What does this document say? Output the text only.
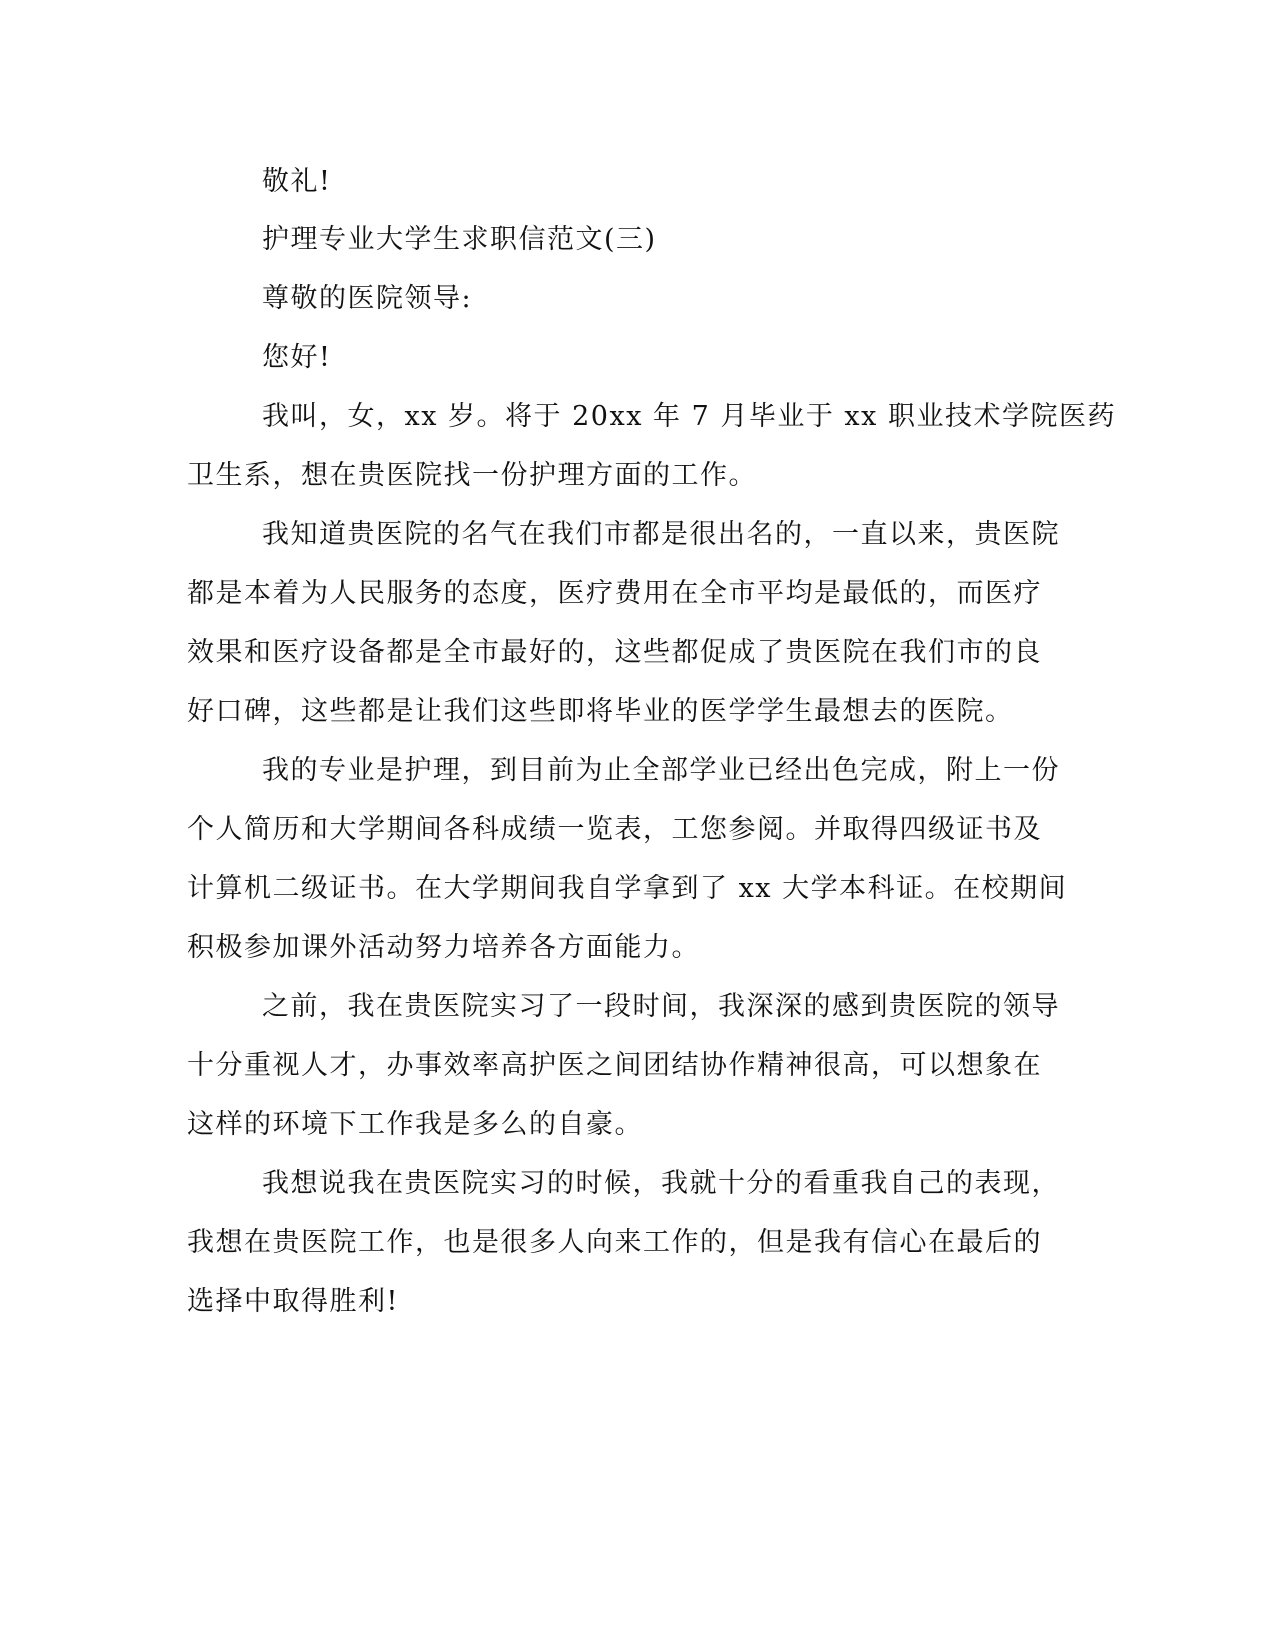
敬礼!
护理专业大学生求职信范文(三)
尊敬的医院领导:
您好!
我叫，女，xx 岁。将于 20xx 年 7 月毕业于 xx 职业技术学院医药
卫生系，想在贵医院找一份护理方面的工作。
我知道贵医院的名气在我们市都是很出名的，一直以来，贵医院
都是本着为人民服务的态度，医疗费用在全市平均是最低的，而医疗
效果和医疗设备都是全市最好的，这些都促成了贵医院在我们市的良
好口碑，这些都是让我们这些即将毕业的医学学生最想去的医院。
我的专业是护理，到目前为止全部学业已经出色完成，附上一份
个人简历和大学期间各科成绩一览表，工您参阅。并取得四级证书及
计算机二级证书。在大学期间我自学拿到了 xx 大学本科证。在校期间
积极参加课外活动努力培养各方面能力。
之前，我在贵医院实习了一段时间，我深深的感到贵医院的领导
十分重视人才，办事效率高护医之间团结协作精神很高，可以想象在
这样的环境下工作我是多么的自豪。
我想说我在贵医院实习的时候，我就十分的看重我自己的表现，
我想在贵医院工作，也是很多人向来工作的，但是我有信心在最后的
选择中取得胜利!
